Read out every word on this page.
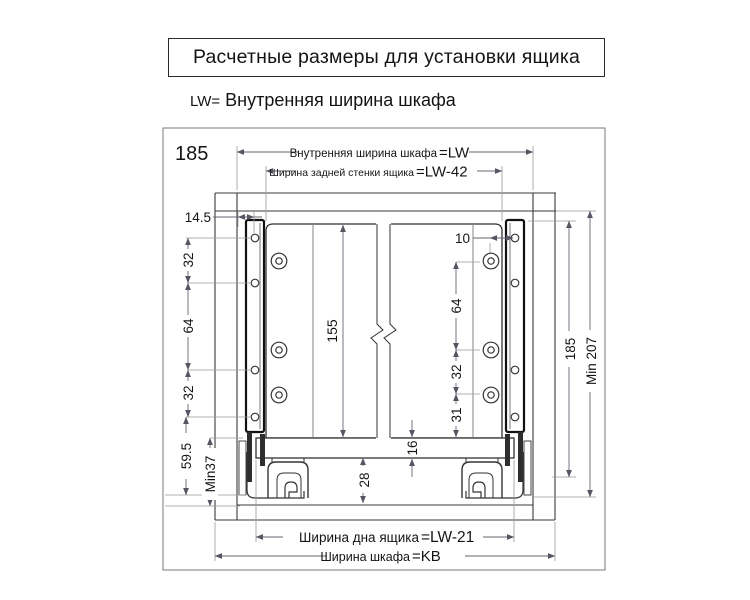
Расчетные размеры для установки ящика
LW= Внутренняя ширина шкафа
185	Внутренняя ширина шкафа =LW
Ширина задней стенки ящика =LW-42
14.5
32
64
32
59.5 Min37
155
28
16
10
64
32
31
185 Min 207
Ширина дна ящика =LW-21
Ширина шкафа =KB
